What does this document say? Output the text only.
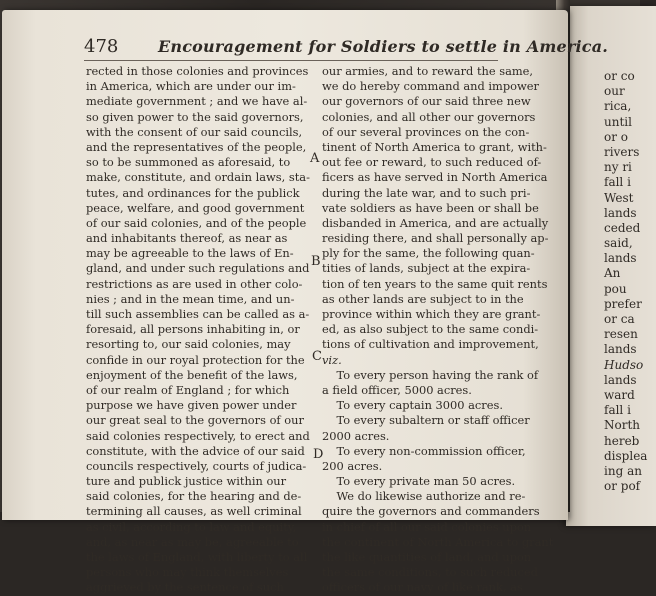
or co
our
rica,
until
or o
rivers
ny ri
fall i
West
lands
ceded
said,
lands
An
pou
prefer
or ca
resen
lands
Hudso
lands
ward
fall i
North
hereb
displea
ing an
or pof
478 Encouragement for Soldiers to settle in America.
rected in those colonies and provinces
in America, which are under our im-
mediate government ; and we have al-
so given power to the said governors,
with the consent of our said councils,
and the representatives of the people,
so to be summoned as aforesaid, to
make, constitute, and ordain laws, sta-
tutes, and ordinances for the publick
peace, welfare, and good government
of our said colonies, and of the people
and inhabitants thereof, as near as
may be agreeable to the laws of En-
gland, and under such regulations and
restrictions as are used in other colo-
nies ; and in the mean time, and un-
till such assemblies can be called as a-
foresaid, all persons inhabiting in, or
resorting to, our said colonies, may
confide in our royal protection for the
enjoyment of the benefit of the laws,
of our realm of England ; for which
purpose we have given power under
our great seal to the governors of our
said colonies respectively, to erect and
constitute, with the advice of our said
councils respectively, courts of judica-
ture and publick justice within our
said colonies, for the hearing and de-
termining all causes, as well criminal
as civil, according to law and equity,
and, as near as may be, agreeable to
the laws of England, with liberty to all
persons who may think themselves
aggrieved by the sentence of such
A
B
C
D
our armies, and to reward the same,
we do hereby command and impower
our governors of our said three new
colonies, and all other our governors
of our several provinces on the con-
tinent of North America to grant, with-
out fee or reward, to such reduced of-
ficers as have served in North America
during the late war, and to such pri-
vate soldiers as have been or shall be
disbanded in America, and are actually
residing there, and shall personally ap-
ply for the same, the following quan-
tities of lands, subject at the expira-
tion of ten years to the same quit rents
as other lands are subject to in the
province within which they are grant-
ed, as also subject to the same condi-
tions of cultivation and improvement,
viz.
To every person having the rank of
a field officer, 5000 acres.
To every captain 3000 acres.
To every subaltern or staff officer
2000 acres.
To every non-commission officer,
200 acres.
To every private man 50 acres.
We do likewise authorize and re-
quire the governors and commanders
in chief of all our said colonies upon
the continent of North America to grant
the like quantities of land, and upon
the same conditions, to such reduced
officers of our navy of like rank, as
